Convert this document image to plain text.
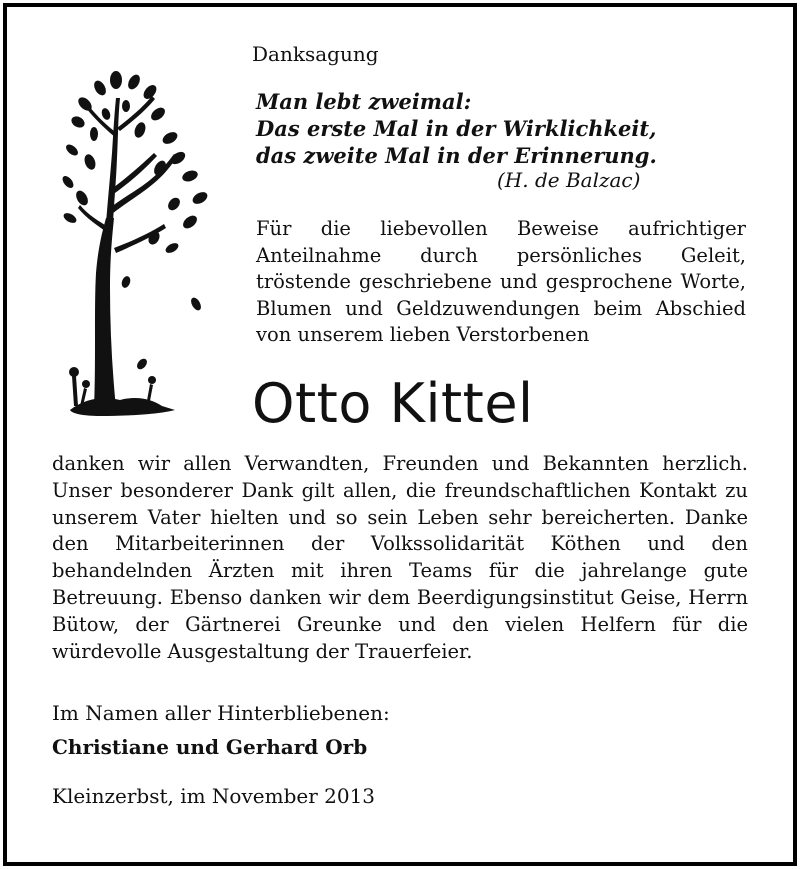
Danksagung
Man lebt zweimal:
Das erste Mal in der Wirklichkeit,
das zweite Mal in der Erinnerung.
(H. de Balzac)
Für die liebevollen Beweise aufrichtiger Anteilnahme durch persönliches Geleit, tröstende geschriebene und gesprochene Worte, Blumen und Geldzuwendungen beim Abschied von unserem lieben Verstorbenen
Otto Kittel
danken wir allen Verwandten, Freunden und Bekannten herzlich. Unser besonderer Dank gilt allen, die freundschaftlichen Kontakt zu unserem Vater hielten und so sein Leben sehr bereicherten. Danke den Mitarbeiterinnen der Volkssolidarität Köthen und den behandelnden Ärzten mit ihren Teams für die jahrelange gute Betreuung. Ebenso danken wir dem Beerdigungsinstitut Geise, Herrn Bütow, der Gärtnerei Greunke und den vielen Helfern für die würdevolle Ausgestaltung der Trauerfeier.
Im Namen aller Hinterbliebenen:
Christiane und Gerhard Orb
Kleinzerbst, im November 2013
